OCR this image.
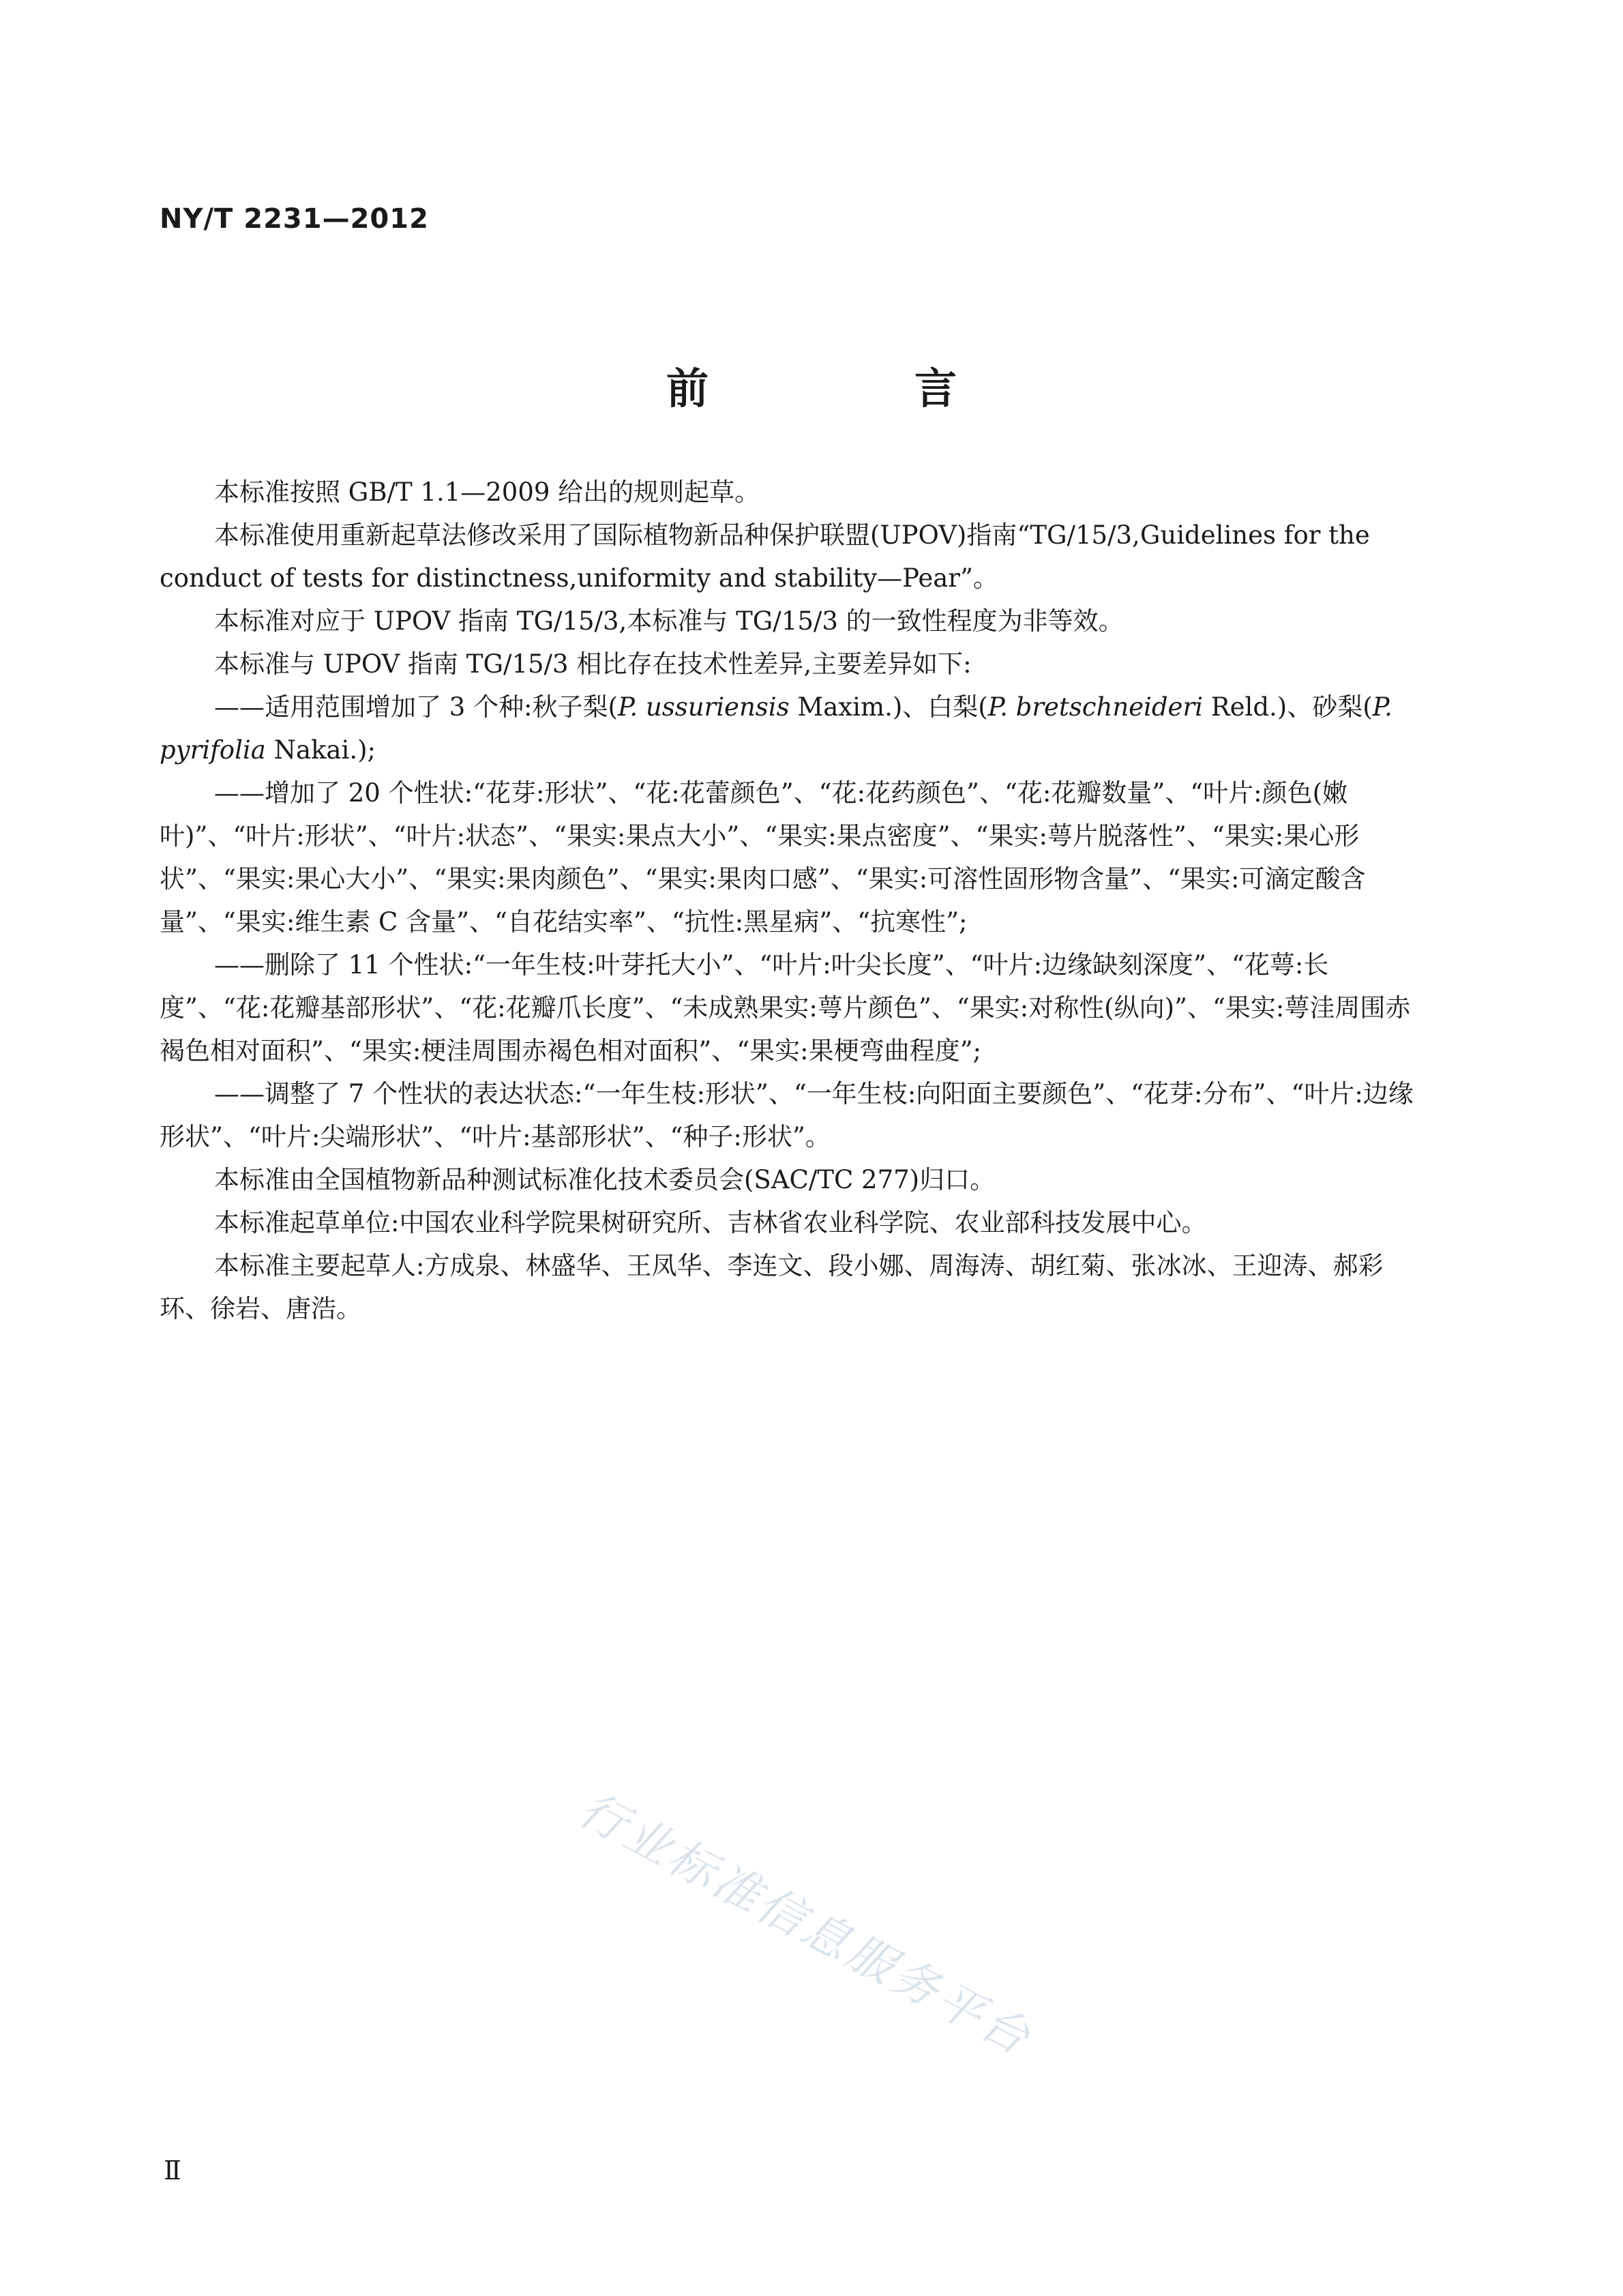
NY/T 2231—2012

前　言

本标准按照 GB/T 1.1—2009 给出的规则起草。

本标准使用重新起草法修改采用了国际植物新品种保护联盟(UPOV)指南“TG/15/3,Guidelines for the conduct of tests for distinctness,uniformity and stability—Pear”。

本标准对应于 UPOV 指南 TG/15/3,本标准与 TG/15/3 的一致性程度为非等效。

本标准与 UPOV 指南 TG/15/3 相比存在技术性差异,主要差异如下:

——适用范围增加了 3 个种:秋子梨(P. ussuriensis Maxim.)、白梨(P. bretschneideri Reld.)、砂梨(P. pyrifolia Nakai.);

——增加了 20 个性状:“花芽:形状”、“花:花蕾颜色”、“花:花药颜色”、“花:花瓣数量”、“叶片:颜色(嫩叶)”、“叶片:形状”、“叶片:状态”、“果实:果点大小”、“果实:果点密度”、“果实:萼片脱落性”、“果实:果心形状”、“果实:果心大小”、“果实:果肉颜色”、“果实:果肉口感”、“果实:可溶性固形物含量”、“果实:可滴定酸含量”、“果实:维生素 C 含量”、“自花结实率”、“抗性:黑星病”、“抗寒性”;

——删除了 11 个性状:“一年生枝:叶芽托大小”、“叶片:叶尖长度”、“叶片:边缘缺刻深度”、“花萼:长度”、“花:花瓣基部形状”、“花:花瓣爪长度”、“未成熟果实:萼片颜色”、“果实:对称性(纵向)”、“果实:萼洼周围赤褐色相对面积”、“果实:梗洼周围赤褐色相对面积”、“果实:果梗弯曲程度”;

——调整了 7 个性状的表达状态:“一年生枝:形状”、“一年生枝:向阳面主要颜色”、“花芽:分布”、“叶片:边缘形状”、“叶片:尖端形状”、“叶片:基部形状”、“种子:形状”。

本标准由全国植物新品种测试标准化技术委员会(SAC/TC 277)归口。

本标准起草单位:中国农业科学院果树研究所、吉林省农业科学院、农业部科技发展中心。

本标准主要起草人:方成泉、林盛华、王凤华、李连文、段小娜、周海涛、胡红菊、张冰冰、王迎涛、郝彩环、徐岩、唐浩。

行业标准信息服务平台

Ⅱ
